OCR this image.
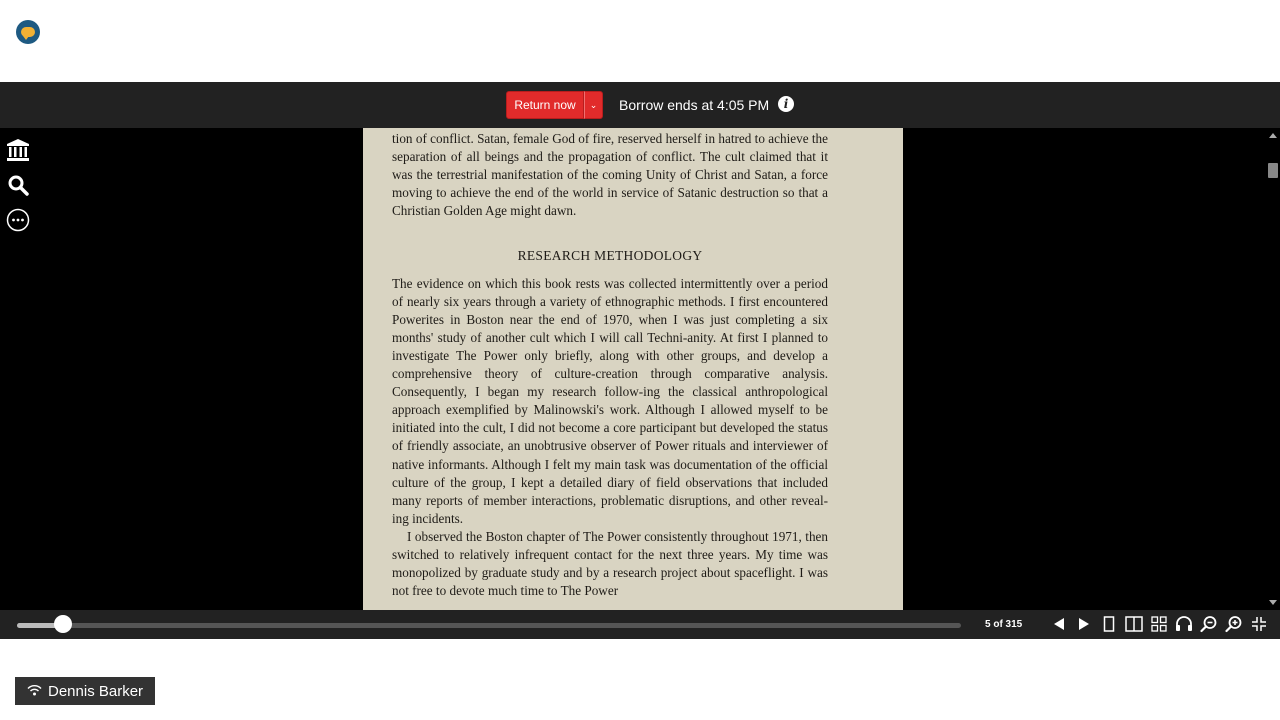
Return now	⌄	Borrow ends at 4:05 PM	i

tion of conflict. Satan, female God of fire, reserved herself in hatred to achieve the separation of all beings and the propagation of conflict. The cult claimed that it was the terrestrial manifestation of the coming Unity of Christ and Satan, a force moving to achieve the end of the world in service of Satanic destruction so that a Christian Golden Age might dawn.

RESEARCH METHODOLOGY

The evidence on which this book rests was collected intermittently over a period of nearly six years through a variety of ethnographic methods. I first encountered Powerites in Boston near the end of 1970, when I was just completing a six months' study of another cult which I will call Techni-anity. At first I planned to investigate The Power only briefly, along with other groups, and develop a comprehensive theory of culture-creation through comparative analysis. Consequently, I began my research follow-ing the classical anthropological approach exemplified by Malinowski's work. Although I allowed myself to be initiated into the cult, I did not become a core participant but developed the status of friendly associate, an unobtrusive observer of Power rituals and interviewer of native informants. Although I felt my main task was documentation of the official culture of the group, I kept a detailed diary of field observations that included many reports of member interactions, problematic disruptions, and other reveal-ing incidents.

I observed the Boston chapter of The Power consistently throughout 1971, then switched to relatively infrequent contact for the next three years. My time was monopolized by graduate study and by a research project about spaceflight. I was not free to devote much time to The Power

5 of 315
Dennis Barker
